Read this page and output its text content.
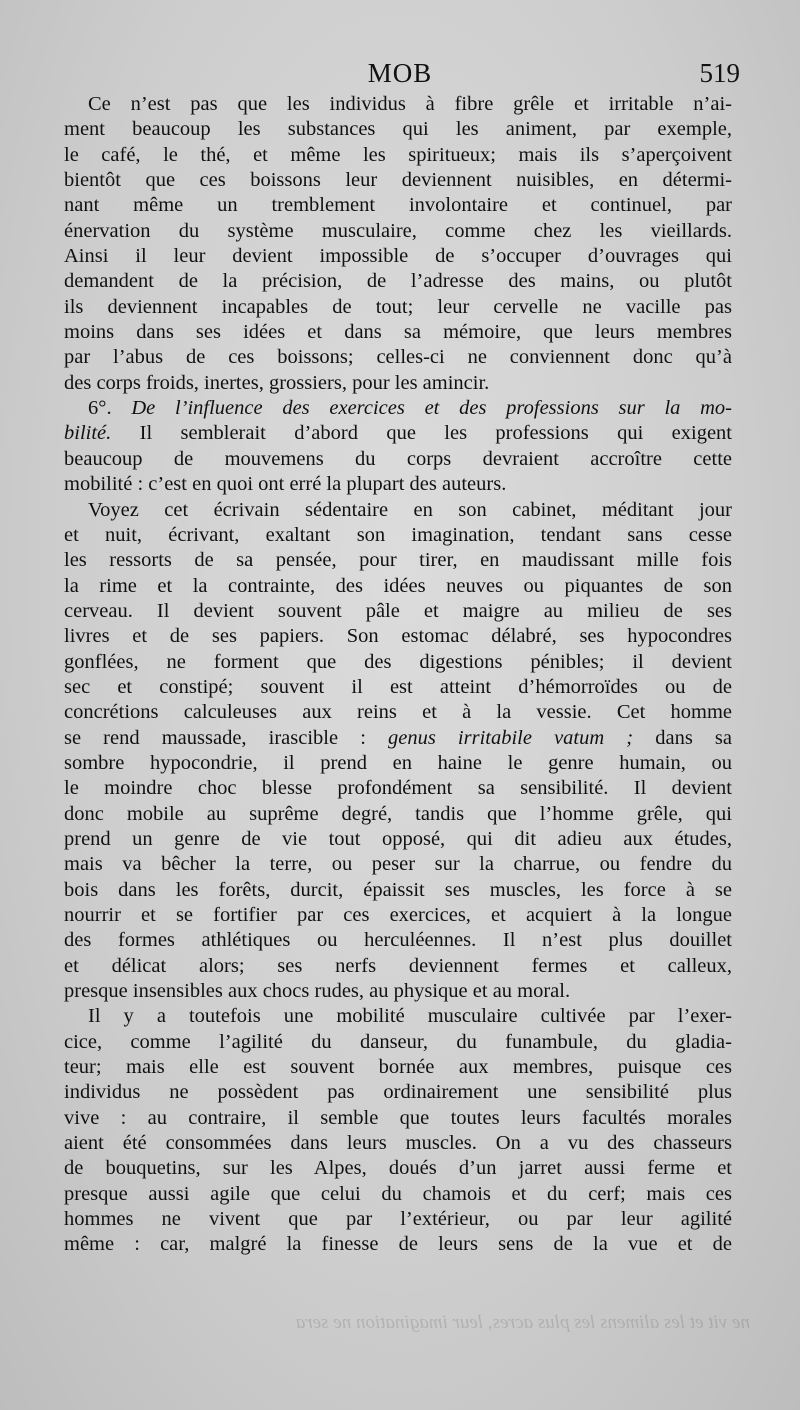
MOB	519
Ce n’est pas que les individus à fibre grêle et irritable n’ai-
ment beaucoup les substances qui les animent, par exemple,
le café, le thé, et même les spiritueux; mais ils s’aperçoivent
bientôt que ces boissons leur deviennent nuisibles, en détermi-
nant même un tremblement involontaire et continuel, par
énervation du système musculaire, comme chez les vieillards.
Ainsi il leur devient impossible de s’occuper d’ouvrages qui
demandent de la précision, de l’adresse des mains, ou plutôt
ils deviennent incapables de tout; leur cervelle ne vacille pas
moins dans ses idées et dans sa mémoire, que leurs membres
par l’abus de ces boissons; celles-ci ne conviennent donc qu’à
des corps froids, inertes, grossiers, pour les amincir.
6°. De l’influence des exercices et des professions sur la mo-
bilité. Il semblerait d’abord que les professions qui exigent
beaucoup de mouvemens du corps devraient accroître cette
mobilité : c’est en quoi ont erré la plupart des auteurs.
Voyez cet écrivain sédentaire en son cabinet, méditant jour
et nuit, écrivant, exaltant son imagination, tendant sans cesse
les ressorts de sa pensée, pour tirer, en maudissant mille fois
la rime et la contrainte, des idées neuves ou piquantes de son
cerveau. Il devient souvent pâle et maigre au milieu de ses
livres et de ses papiers. Son estomac délabré, ses hypocondres
gonflées, ne forment que des digestions pénibles; il devient
sec et constipé; souvent il est atteint d’hémorroïdes ou de
concrétions calculeuses aux reins et à la vessie. Cet homme
se rend maussade, irascible : genus irritabile vatum ; dans sa
sombre hypocondrie, il prend en haine le genre humain, ou
le moindre choc blesse profondément sa sensibilité. Il devient
donc mobile au suprême degré, tandis que l’homme grêle, qui
prend un genre de vie tout opposé, qui dit adieu aux études,
mais va bêcher la terre, ou peser sur la charrue, ou fendre du
bois dans les forêts, durcit, épaissit ses muscles, les force à se
nourrir et se fortifier par ces exercices, et acquiert à la longue
des formes athlétiques ou herculéennes. Il n’est plus douillet
et délicat alors; ses nerfs deviennent fermes et calleux,
presque insensibles aux chocs rudes, au physique et au moral.
Il y a toutefois une mobilité musculaire cultivée par l’exer-
cice, comme l’agilité du danseur, du funambule, du gladia-
teur; mais elle est souvent bornée aux membres, puisque ces
individus ne possèdent pas ordinairement une sensibilité plus
vive : au contraire, il semble que toutes leurs facultés morales
aient été consommées dans leurs muscles. On a vu des chasseurs
de bouquetins, sur les Alpes, doués d’un jarret aussi ferme et
presque aussi agile que celui du chamois et du cerf; mais ces
hommes ne vivent que par l’extérieur, ou par leur agilité
même : car, malgré la finesse de leurs sens de la vue et de
ne vit et les alimens les plus acres, leur imagination ne sera
